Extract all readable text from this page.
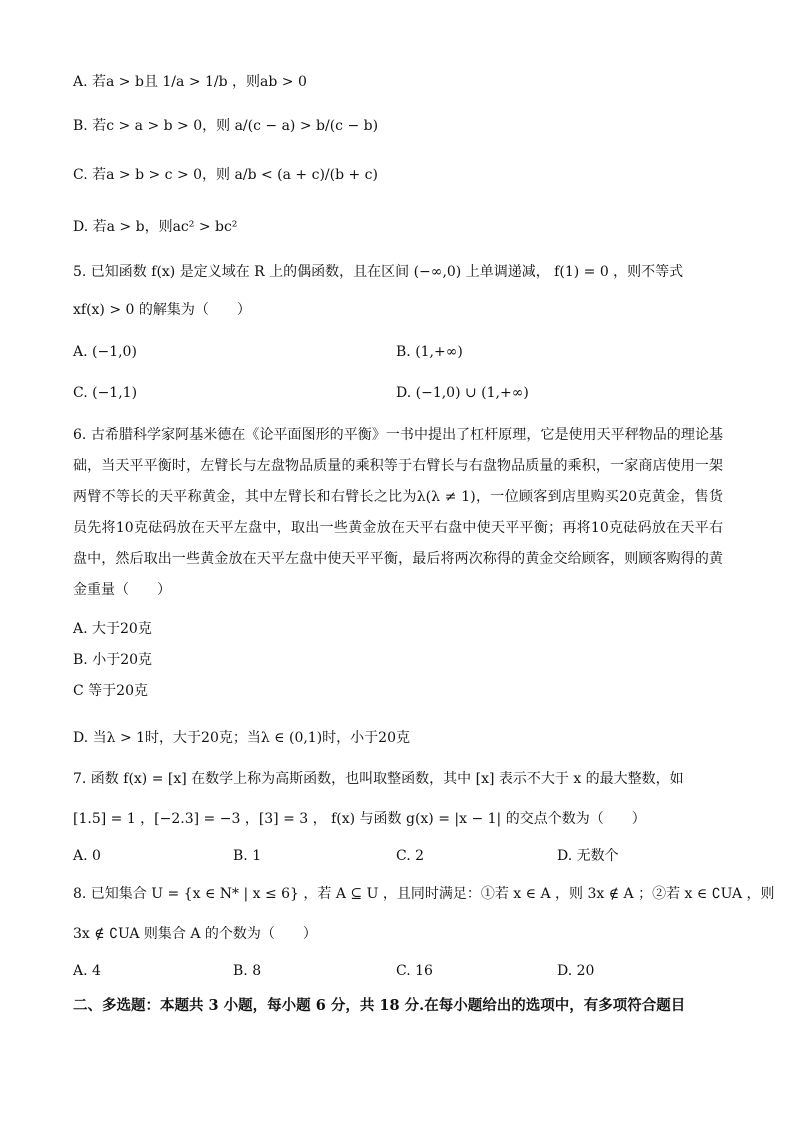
A. 若a > b且 1/a > 1/b ，则ab > 0
B. 若c > a > b > 0，则 a/(c − a) > b/(c − b)
C. 若a > b > c > 0，则 a/b < (a + c)/(b + c)
D. 若a > b，则ac² > bc²
5. 已知函数 f(x) 是定义域在 R 上的偶函数，且在区间 (−∞,0) 上单调递减， f(1) = 0 ，则不等式
xf(x) > 0 的解集为（　　）
A. (−1,0)	B. (1,+∞)
C. (−1,1)	D. (−1,0) ∪ (1,+∞)
6. 古希腊科学家阿基米德在《论平面图形的平衡》一书中提出了杠杆原理，它是使用天平秤物品的理论基础，当天平平衡时，左臂长与左盘物品质量的乘积等于右臂长与右盘物品质量的乘积，一家商店使用一架两臂不等长的天平称黄金，其中左臂长和右臂长之比为λ(λ ≠ 1)，一位顾客到店里购买20克黄金，售货员先将10克砝码放在天平左盘中，取出一些黄金放在天平右盘中使天平平衡；再将10克砝码放在天平右盘中，然后取出一些黄金放在天平左盘中使天平平衡，最后将两次称得的黄金交给顾客，则顾客购得的黄金重量（　　）
A. 大于20克
B. 小于20克
C 等于20克
D. 当λ > 1时，大于20克；当λ ∈ (0,1)时，小于20克
7. 函数 f(x) = [x] 在数学上称为高斯函数，也叫取整函数，其中 [x] 表示不大于 x 的最大整数，如
[1.5] = 1 ，[−2.3] = −3 ，[3] = 3 ， f(x) 与函数 g(x) = |x − 1| 的交点个数为（　　）
A. 0	B. 1	C. 2	D. 无数个
8. 已知集合 U = {x ∈ N* | x ≤ 6} ，若 A ⊆ U ，且同时满足：①若 x ∈ A ，则 3x ∉ A ；②若 x ∈ ∁UA ，则
3x ∉ ∁UA 则集合 A 的个数为（　　）
A. 4	B. 8	C. 16	D. 20
二、多选题：本题共 3 小题，每小题 6 分，共 18 分.在每小题给出的选项中，有多项符合题目
